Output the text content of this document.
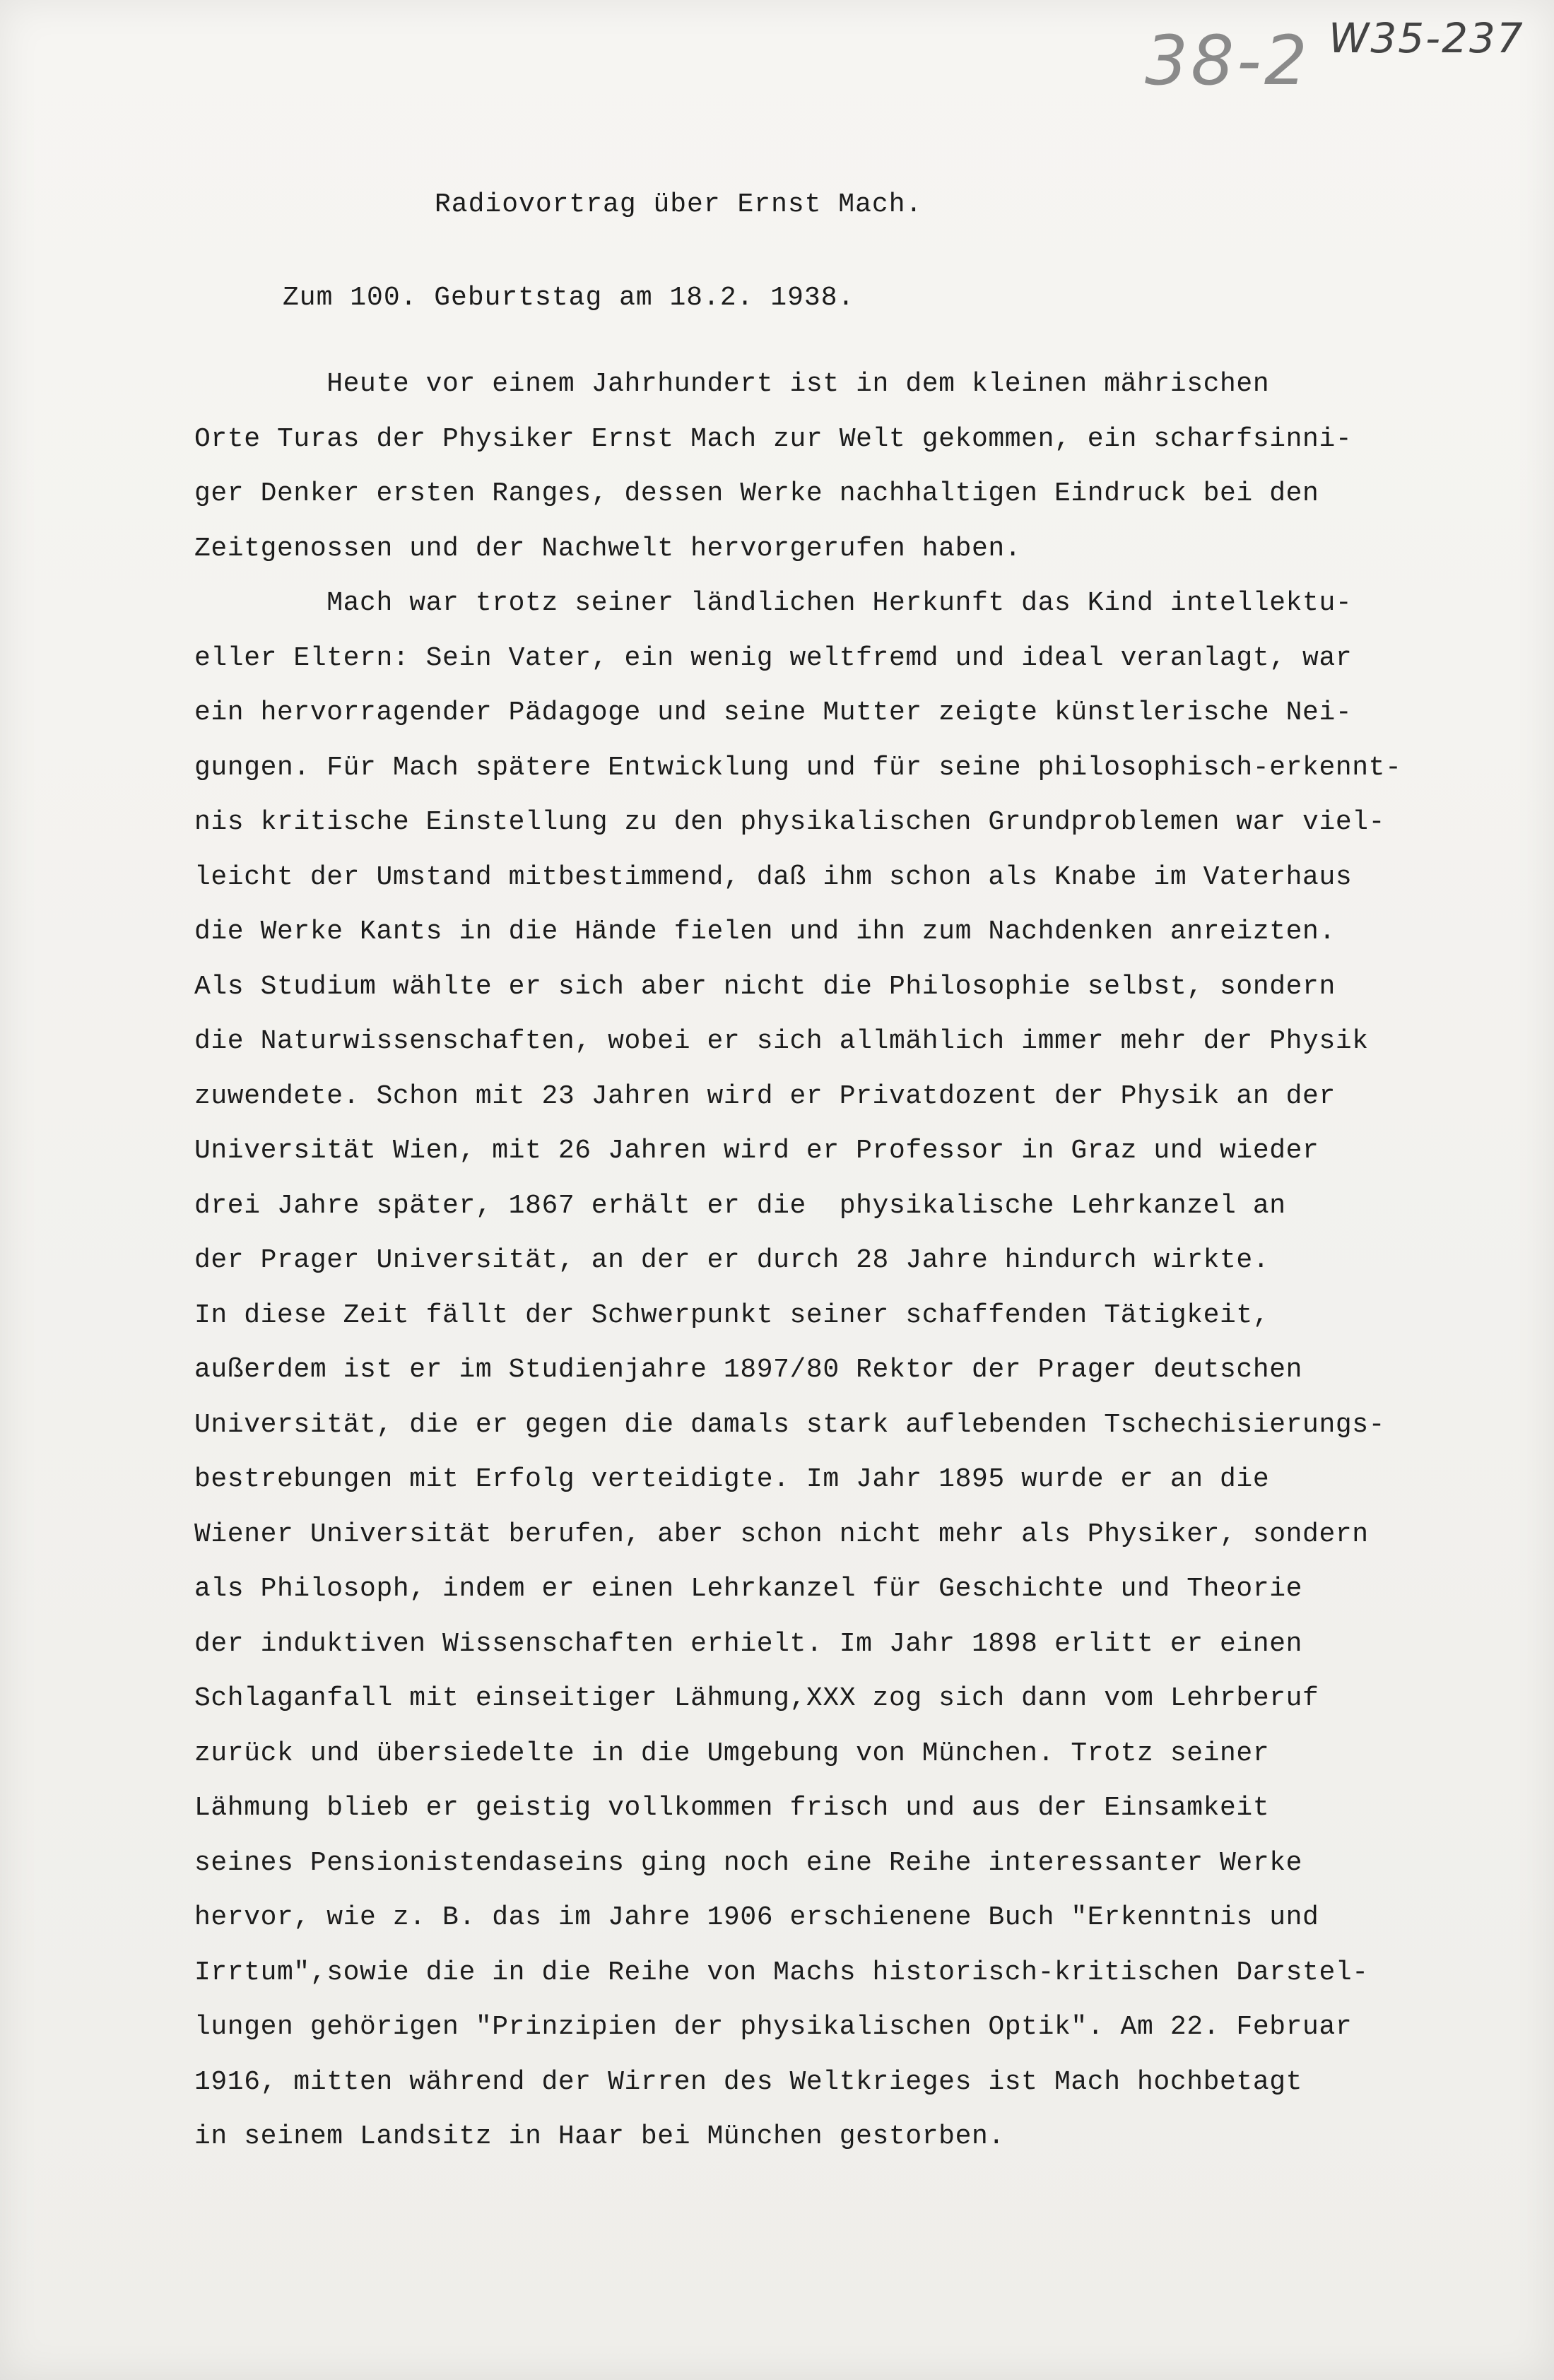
38-2 W35-237
Radiovortrag über Ernst Mach.
Zum 100. Geburtstag am 18.2. 1938.
Heute vor einem Jahrhundert ist in dem kleinen mährischen
Orte Turas der Physiker Ernst Mach zur Welt gekommen, ein scharfsinni-
ger Denker ersten Ranges, dessen Werke nachhaltigen Eindruck bei den
Zeitgenossen und der Nachwelt hervorgerufen haben.
Mach war trotz seiner ländlichen Herkunft das Kind intellektu-
eller Eltern: Sein Vater, ein wenig weltfremd und ideal veranlagt, war
ein hervorragender Pädagoge und seine Mutter zeigte künstlerische Nei-
gungen. Für Mach spätere Entwicklung und für seine philosophisch-erkennt-
nis kritische Einstellung zu den physikalischen Grundproblemen war viel-
leicht der Umstand mitbestimmend, daß ihm schon als Knabe im Vaterhaus
die Werke Kants in die Hände fielen und ihn zum Nachdenken anreizten.
Als Studium wählte er sich aber nicht die Philosophie selbst, sondern
die Naturwissenschaften, wobei er sich allmählich immer mehr der Physik
zuwendete. Schon mit 23 Jahren wird er Privatdozent der Physik an der
Universität Wien, mit 26 Jahren wird er Professor in Graz und wieder
drei Jahre später, 1867 erhält er die  physikalische Lehrkanzel an
der Prager Universität, an der er durch 28 Jahre hindurch wirkte.
In diese Zeit fällt der Schwerpunkt seiner schaffenden Tätigkeit,
außerdem ist er im Studienjahre 1897/80 Rektor der Prager deutschen
Universität, die er gegen die damals stark auflebenden Tschechisierungs-
bestrebungen mit Erfolg verteidigte. Im Jahr 1895 wurde er an die
Wiener Universität berufen, aber schon nicht mehr als Physiker, sondern
als Philosoph, indem er einen Lehrkanzel für Geschichte und Theorie
der induktiven Wissenschaften erhielt. Im Jahr 1898 erlitt er einen
Schlaganfall mit einseitiger Lähmung,XXX zog sich dann vom Lehrberuf
zurück und übersiedelte in die Umgebung von München. Trotz seiner
Lähmung blieb er geistig vollkommen frisch und aus der Einsamkeit
seines Pensionistendaseins ging noch eine Reihe interessanter Werke
hervor, wie z. B. das im Jahre 1906 erschienene Buch "Erkenntnis und
Irrtum",sowie die in die Reihe von Machs historisch-kritischen Darstel-
lungen gehörigen "Prinzipien der physikalischen Optik". Am 22. Februar
1916, mitten während der Wirren des Weltkrieges ist Mach hochbetagt
in seinem Landsitz in Haar bei München gestorben.
